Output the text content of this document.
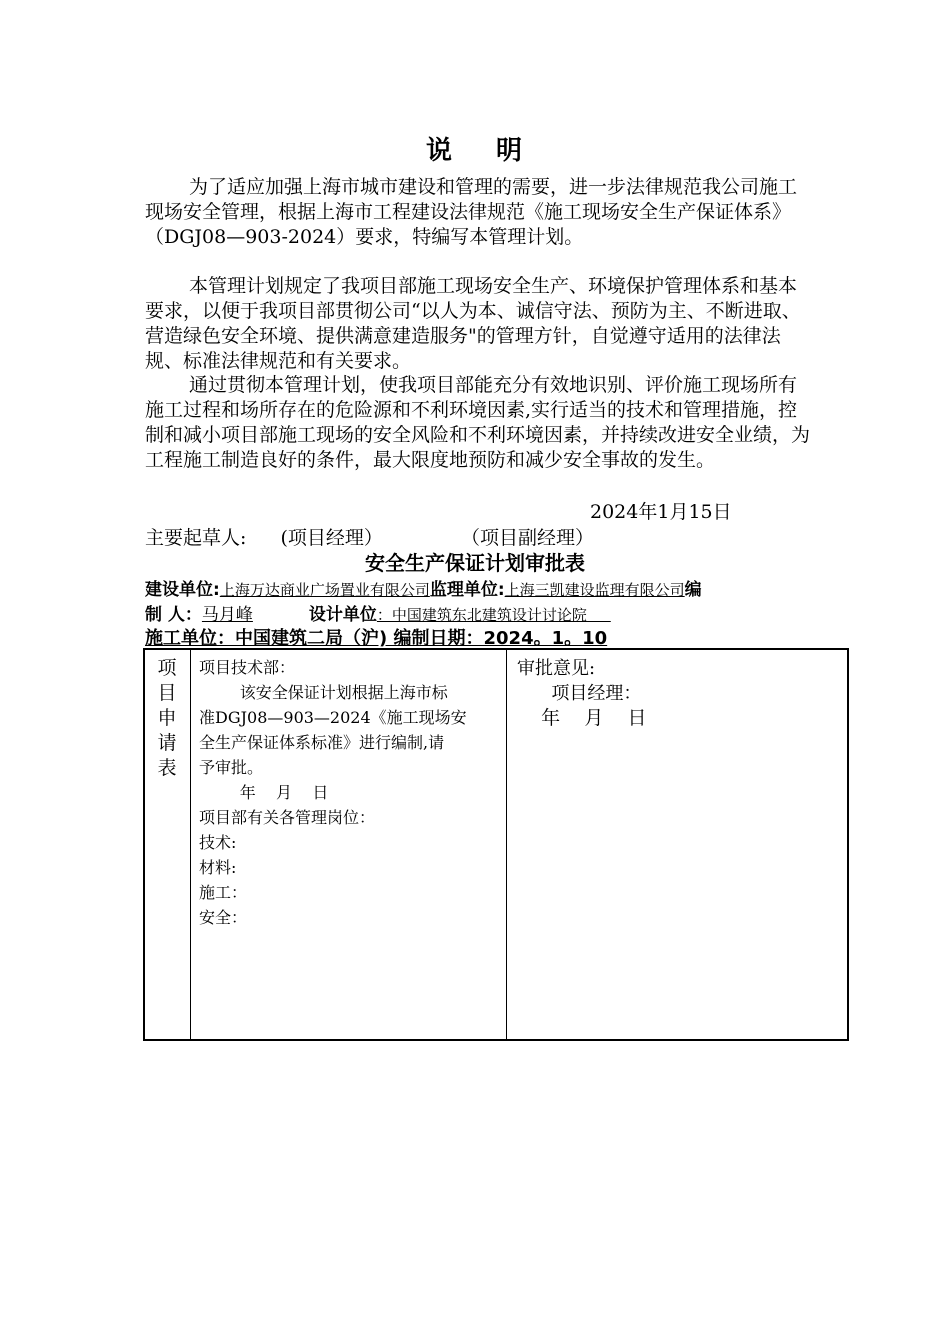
说 明

为了适应加强上海市城市建设和管理的需要，进一步法律规范我公司施工现场安全管理，根据上海市工程建设法律规范《施工现场安全生产保证体系》（DGJ08—903-2024）要求，特编写本管理计划。

本管理计划规定了我项目部施工现场安全生产、环境保护管理体系和基本要求，以便于我项目部贯彻公司“以人为本、诚信守法、预防为主、不断进取、营造绿色安全环境、提供满意建造服务"的管理方针，自觉遵守适用的法律法规、标准法律规范和有关要求。

通过贯彻本管理计划，使我项目部能充分有效地识别、评价施工现场所有施工过程和场所存在的危险源和不利环境因素,实行适当的技术和管理措施，控制和减小项目部施工现场的安全风险和不利环境因素，并持续改进安全业绩，为工程施工制造良好的条件，最大限度地预防和减少安全事故的发生。

2024年1月15日
主要起草人: (项目经理）	（项目副经理）
安全生产保证计划审批表
建设单位:上海万达商业广场置业有限公司监理单位:上海三凯建设监理有限公司编
制 人：马月峰	设计单位：中国建筑东北建筑设计讨论院
施工单位：中国建筑二局（沪) 编制日期：2024。1。10
项
目
申
请
表
项目技术部：
该安全保证计划根据上海市标
准DGJ08—903—2024《施工现场安
全生产保证体系标准》进行编制,请
予审批。
年    月    日
项目部有关各管理岗位：
技术:
材料:
施工：
安全：
审批意见:
项目经理：
年    月    日
